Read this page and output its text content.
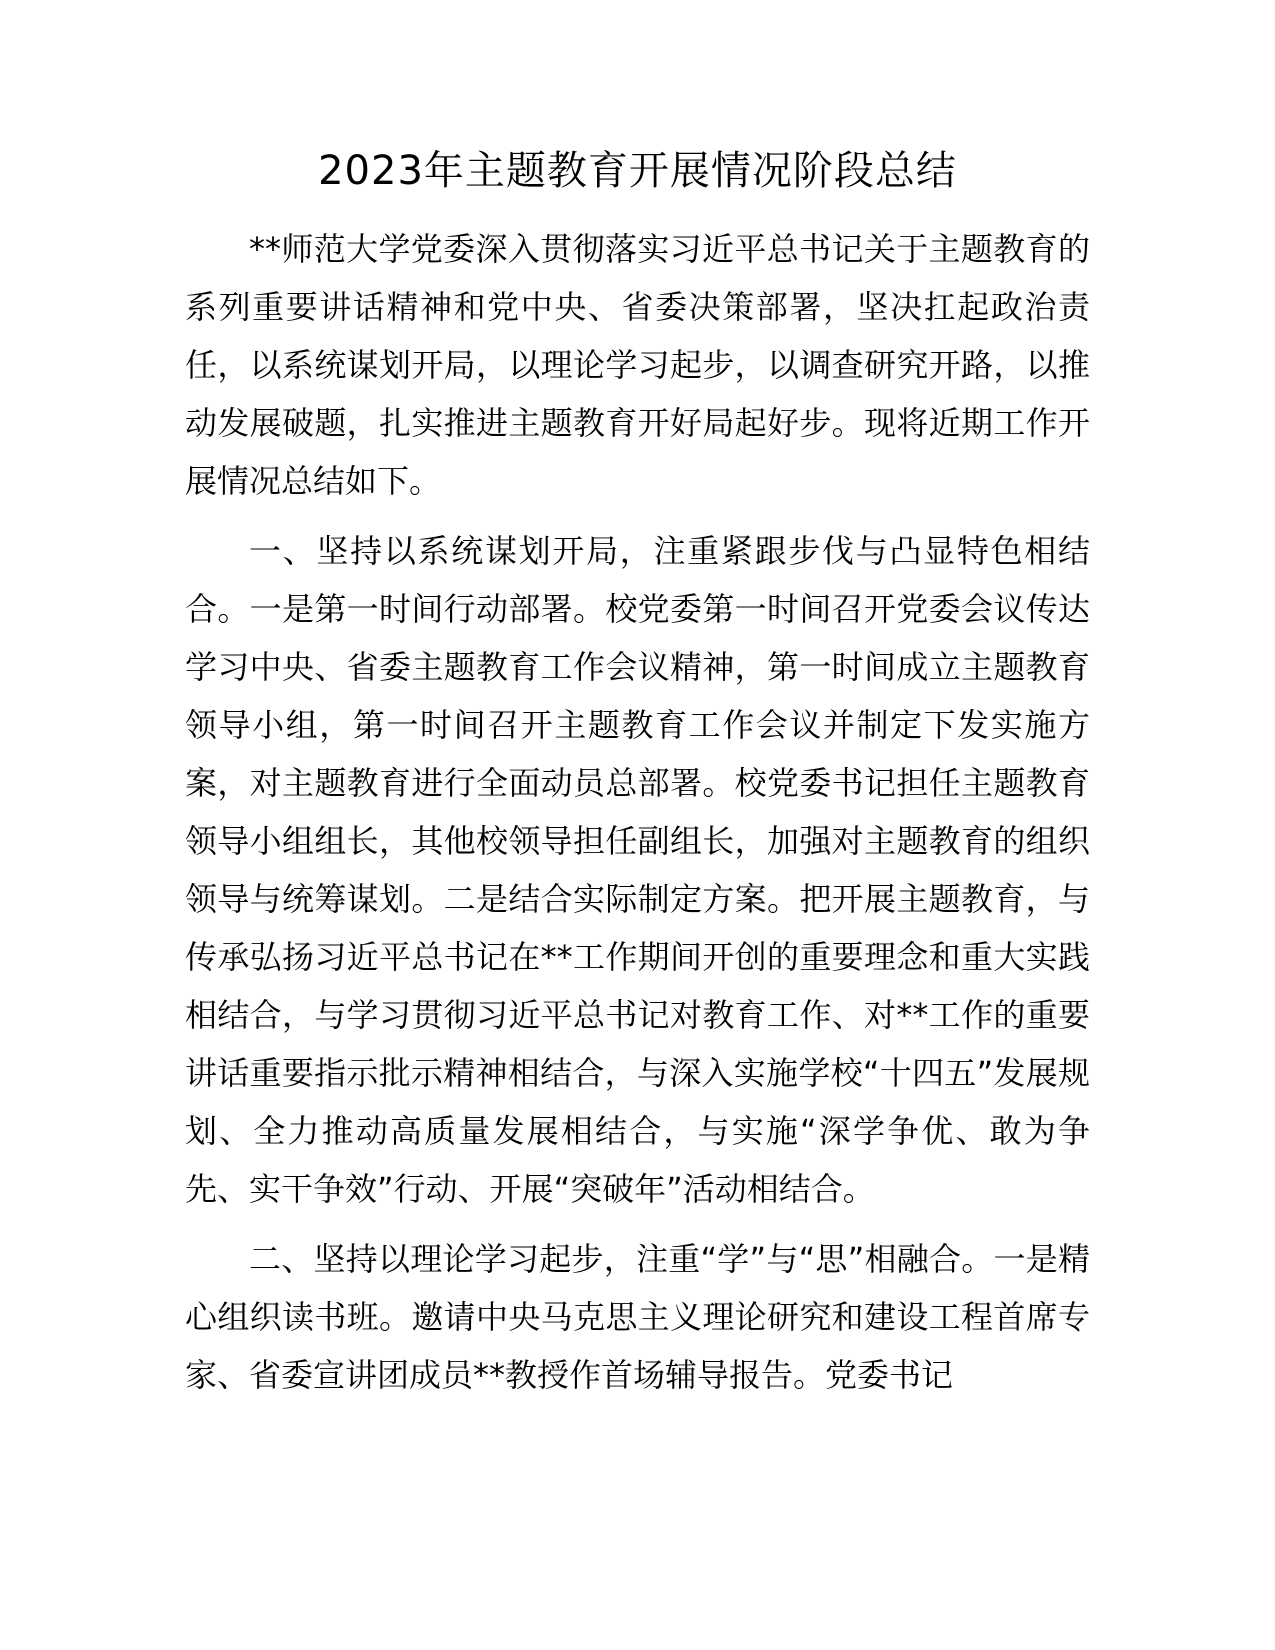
2023年主题教育开展情况阶段总结

**师范大学党委深入贯彻落实习近平总书记关于主题教育的系列重要讲话精神和党中央、省委决策部署，坚决扛起政治责任，以系统谋划开局，以理论学习起步，以调查研究开路，以推动发展破题，扎实推进主题教育开好局起好步。现将近期工作开展情况总结如下。

一、坚持以系统谋划开局，注重紧跟步伐与凸显特色相结合。一是第一时间行动部署。校党委第一时间召开党委会议传达学习中央、省委主题教育工作会议精神，第一时间成立主题教育领导小组，第一时间召开主题教育工作会议并制定下发实施方案，对主题教育进行全面动员总部署。校党委书记担任主题教育领导小组组长，其他校领导担任副组长，加强对主题教育的组织领导与统筹谋划。二是结合实际制定方案。把开展主题教育，与传承弘扬习近平总书记在**工作期间开创的重要理念和重大实践相结合，与学习贯彻习近平总书记对教育工作、对**工作的重要讲话重要指示批示精神相结合，与深入实施学校“十四五”发展规划、全力推动高质量发展相结合，与实施“深学争优、敢为争先、实干争效”行动、开展“突破年”活动相结合。

二、坚持以理论学习起步，注重“学”与“思”相融合。一是精心组织读书班。邀请中央马克思主义理论研究和建设工程首席专家、省委宣讲团成员**教授作首场辅导报告。党委书记
